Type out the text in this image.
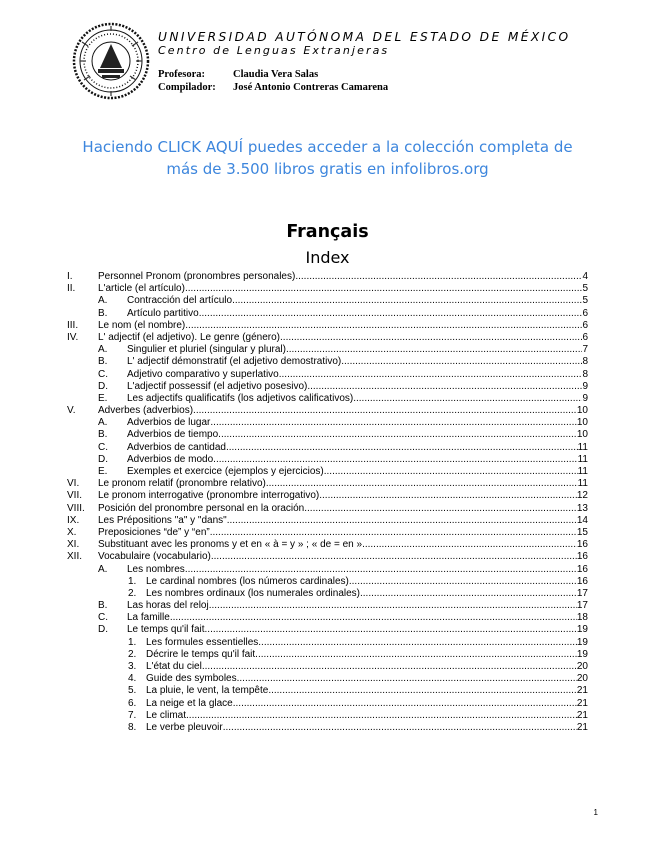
UNIVERSIDAD AUTÓNOMA DEL ESTADO DE MÉXICO
Centro de Lenguas Extranjeras
Profesora:	Claudia Vera Salas
Compilador: José Antonio Contreras Camarena
Haciendo CLICK AQUÍ puedes acceder a la colección completa de
más de 3.500 libros gratis en infolibros.org
Français
Index
I.	Personnel Pronom (pronombres personales) .....	4
II. L'article (el artículo) .....	5
A. Contracción del artículo .....	5
B. Artículo partitivo .....	6
III. Le nom (el nombre) .....	6
IV. L' adjectif (el adjetivo). Le genre (género) .....	6
A. Singulier et pluriel (singular y plural) .....	7
B. L' adjectif démonstratif (el adjetivo demostrativo) .....	8
C. Adjetivo comparativo y superlativo .....	8
D. L'adjectif possessif (el adjetivo posesivo) .....	9
E. Les adjectifs qualificatifs (los adjetivos calificativos) .....	9
V. Adverbes (adverbios) .....	10
A. Adverbios de lugar .....	10
B. Adverbios de tiempo .....	10
C. Adverbios de cantidad .....	11
D. Adverbios de modo .....	11
E. Exemples et exercice (ejemplos y ejercicios) .....	11
VI. Le pronom relatif (pronombre relativo) .....	11
VII. Le pronom interrogative (pronombre interrogativo) .....	12
VIII. Posición del pronombre personal en la oración .....	13
IX. Les Prépositions "a" y "dans" .....	14
X. Preposiciones “de” y “en” .....	15
XI. Substituant avec les pronoms y et en « à = y » ; « de = en » .....	16
XII. Vocabulaire (vocabulario) .....	16
A. Les nombres .....	16
1. Le cardinal nombres (los números cardinales) .....	16
2. Les nombres ordinaux (los numerales ordinales) .....	17
B. Las horas del reloj .....	17
C. La famille .....	18
D. Le temps qu'il fait .....	19
1. Les formules essentielles .....	19
2. Décrire le temps qu'il fait .....	19
3. L'état du ciel .....	20
4. Guide des symboles .....	20
5. La pluie, le vent, la tempête .....	21
6. La neige et la glace .....	21
7. Le climat .....	21
8. Le verbe pleuvoir .....	21
1
